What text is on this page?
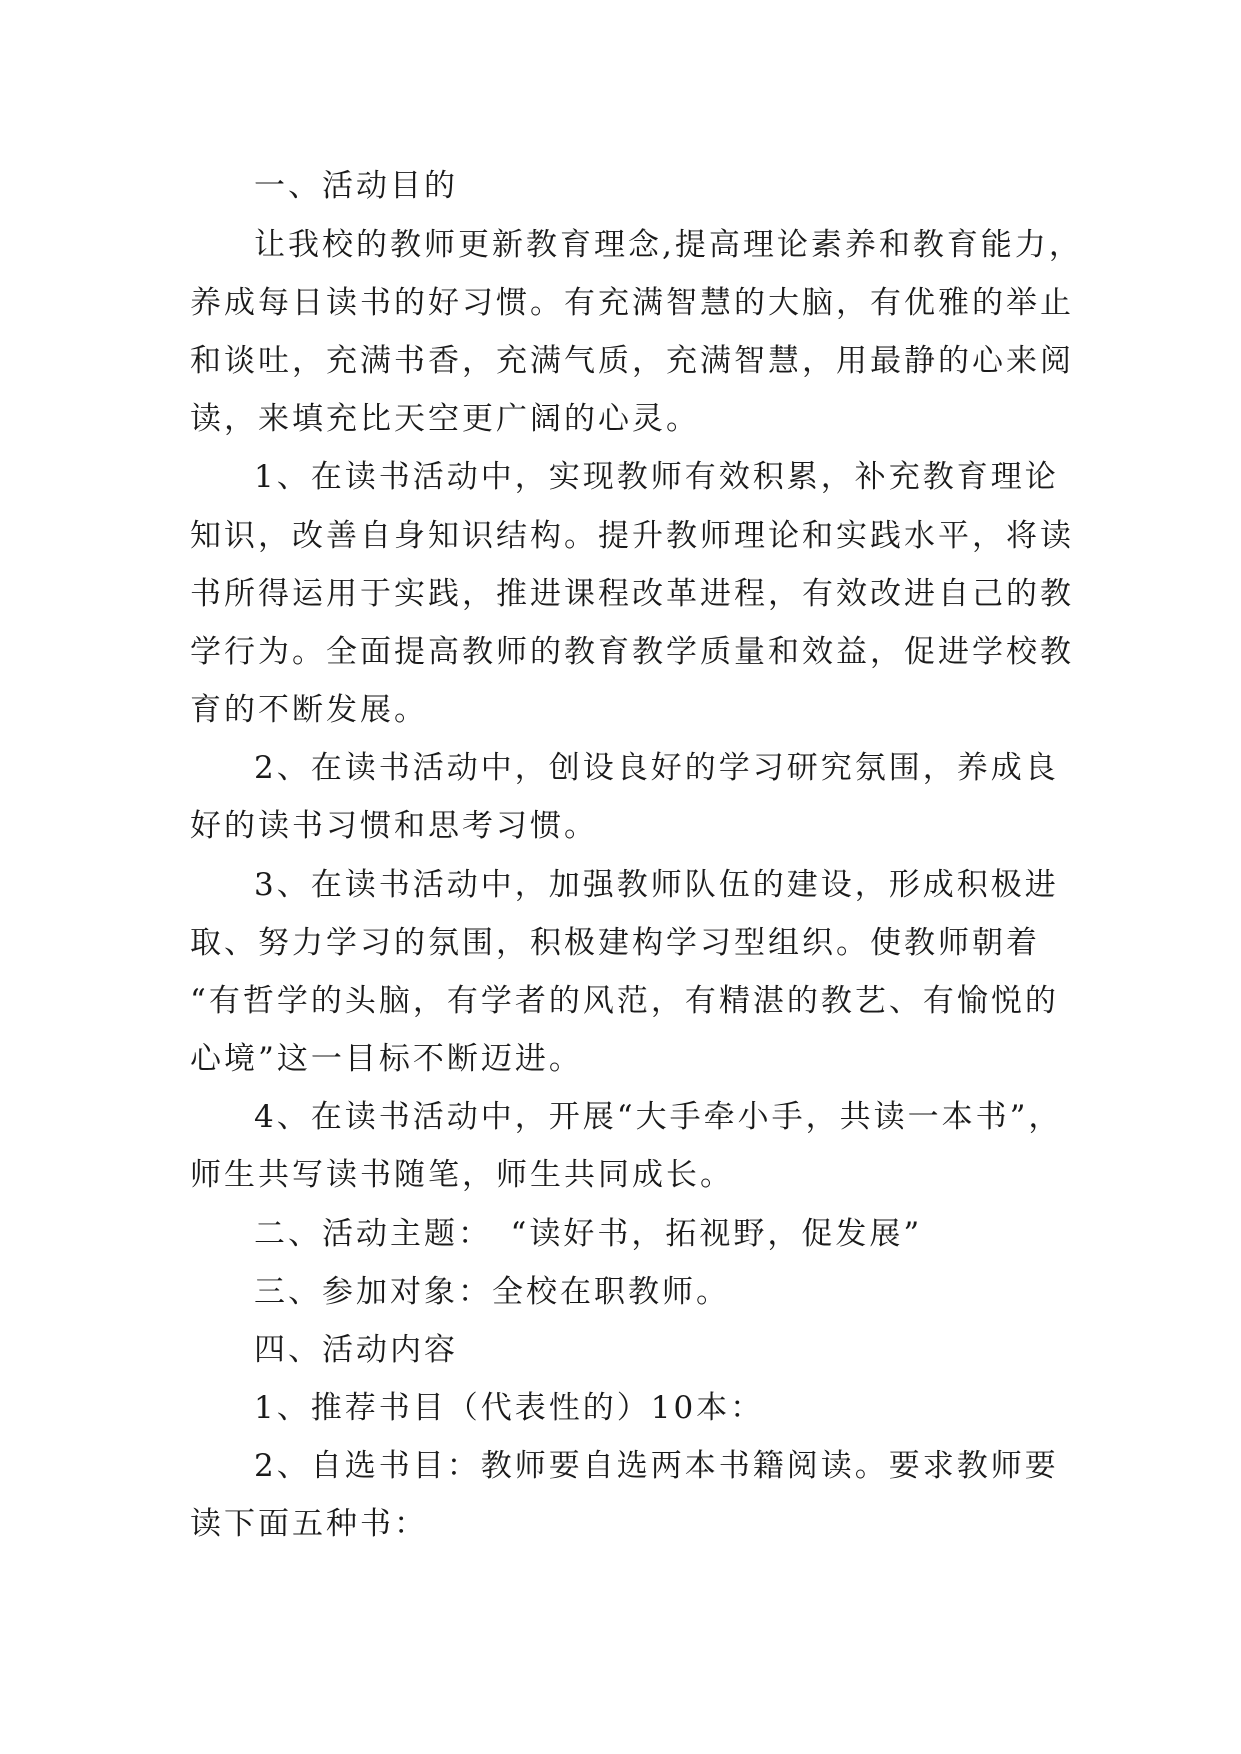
一、活动目的

让我校的教师更新教育理念,提高理论素养和教育能力，

养成每日读书的好习惯。有充满智慧的大脑，有优雅的举止

和谈吐，充满书香，充满气质，充满智慧，用最静的心来阅

读，来填充比天空更广阔的心灵。

1、在读书活动中，实现教师有效积累，补充教育理论

知识，改善自身知识结构。提升教师理论和实践水平，将读

书所得运用于实践，推进课程改革进程，有效改进自己的教

学行为。全面提高教师的教育教学质量和效益，促进学校教

育的不断发展。

2、在读书活动中，创设良好的学习研究氛围，养成良

好的读书习惯和思考习惯。

3、在读书活动中，加强教师队伍的建设，形成积极进

取、努力学习的氛围，积极建构学习型组织。使教师朝着

“有哲学的头脑，有学者的风范，有精湛的教艺、有愉悦的

心境”这一目标不断迈进。

4、在读书活动中，开展“大手牵小手，共读一本书”，

师生共写读书随笔，师生共同成长。

二、活动主题：　“读好书，拓视野，促发展”

三、参加对象：全校在职教师。

四、活动内容

1、推荐书目（代表性的）10本：

2、自选书目：教师要自选两本书籍阅读。要求教师要

读下面五种书：
